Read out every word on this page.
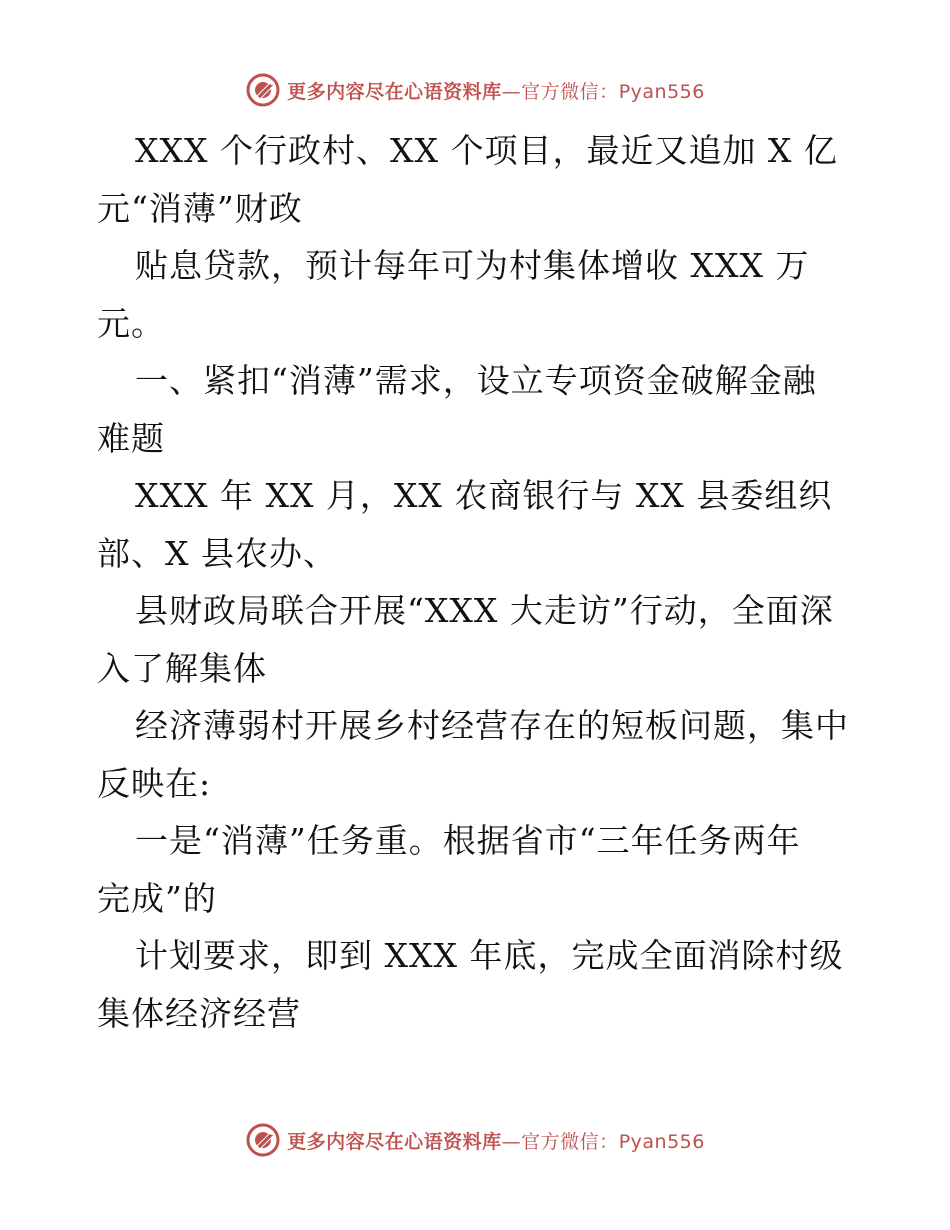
更多内容尽在心语资料库—官方微信：Pyan556
XXX 个行政村、XX 个项目，最近又追加 X 亿
元“消薄”财政
贴息贷款，预计每年可为村集体增收 XXX 万
元。
一、紧扣“消薄”需求，设立专项资金破解金融
难题
XXX 年 XX 月，XX 农商银行与 XX 县委组织
部、X 县农办、
县财政局联合开展“XXX 大走访”行动，全面深
入了解集体
经济薄弱村开展乡村经营存在的短板问题，集中
反映在:
一是“消薄”任务重。根据省市“三年任务两年
完成”的
计划要求，即到 XXX 年底，完成全面消除村级
集体经济经营
更多内容尽在心语资料库—官方微信：Pyan556
